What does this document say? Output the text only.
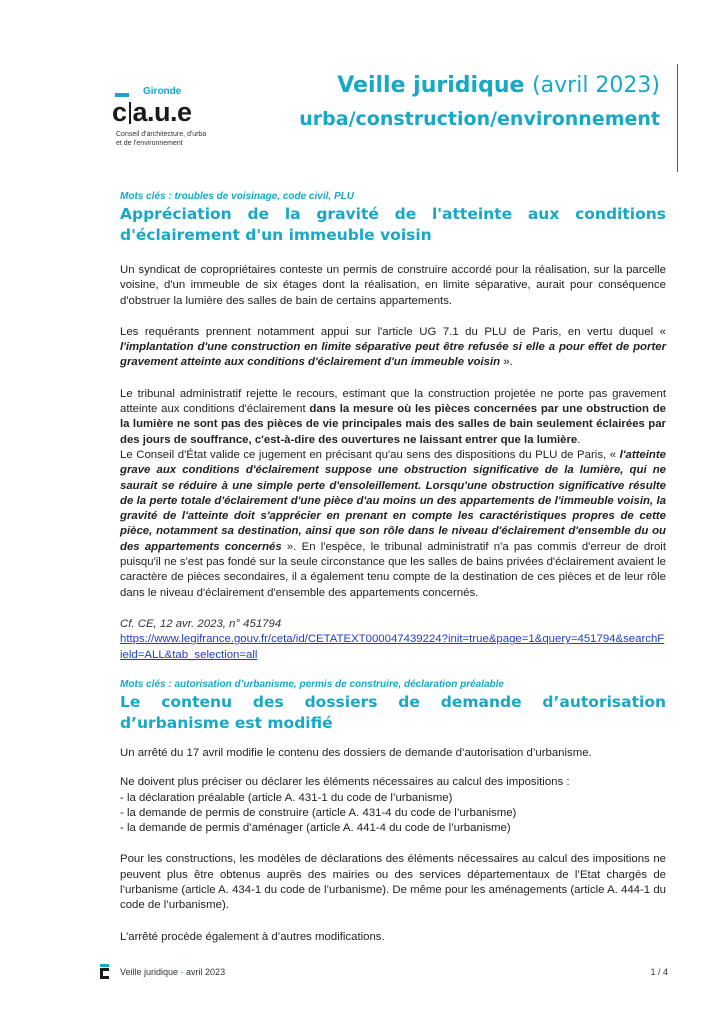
Gironde
c a.u.e
Conseil d'architecture, d'urba
et de l'environnement
Veille juridique (avril 2023)
urba/construction/environnement

Mots clés : troubles de voisinage, code civil, PLU

Appréciation de la gravité de l'atteinte aux conditions d'éclairement d'un immeuble voisin

Un syndicat de copropriétaires conteste un permis de construire accordé pour la réalisation, sur la parcelle voisine, d'un immeuble de six étages dont la réalisation, en limite séparative, aurait pour conséquence d'obstruer la lumière des salles de bain de certains appartements.

Les requérants prennent notamment appui sur l'article UG 7.1 du PLU de Paris, en vertu duquel « l'implantation d'une construction en limite séparative peut être refusée si elle a pour effet de porter gravement atteinte aux conditions d'éclairement d'un immeuble voisin ».

Le tribunal administratif rejette le recours, estimant que la construction projetée ne porte pas gravement atteinte aux conditions d'éclairement dans la mesure où les pièces concernées par une obstruction de la lumière ne sont pas des pièces de vie principales mais des salles de bain seulement éclairées par des jours de souffrance, c'est-à-dire des ouvertures ne laissant entrer que la lumière.

Le Conseil d'État valide ce jugement en précisant qu'au sens des dispositions du PLU de Paris, « l'atteinte grave aux conditions d'éclairement suppose une obstruction significative de la lumière, qui ne saurait se réduire à une simple perte d'ensoleillement. Lorsqu'une obstruction significative résulte de la perte totale d'éclairement d'une pièce d'au moins un des appartements de l'immeuble voisin, la gravité de l'atteinte doit s'apprécier en prenant en compte les caractéristiques propres de cette pièce, notamment sa destination, ainsi que son rôle dans le niveau d'éclairement d'ensemble du ou des appartements concernés ». En l'espèce, le tribunal administratif n'a pas commis d'erreur de droit puisqu'il ne s'est pas fondé sur la seule circonstance que les salles de bains privées d'éclairement avaient le caractère de pièces secondaires, il a également tenu compte de la destination de ces pièces et de leur rôle dans le niveau d'éclairement d'ensemble des appartements concernés.

Cf. CE, 12 avr. 2023, n° 451794

https://www.legifrance.gouv.fr/ceta/id/CETATEXT000047439224?init=true&page=1&query=451794&searchField=ALL&tab_selection=all

Mots clés : autorisation d’urbanisme, permis de construire, déclaration préalable

Le contenu des dossiers de demande d’autorisation d’urbanisme est modifié

Un arrêté du 17 avril modifie le contenu des dossiers de demande d’autorisation d’urbanisme.

Ne doivent plus préciser ou déclarer les éléments nécessaires au calcul des impositions :

- la déclaration préalable (article A. 431-1 du code de l’urbanisme)

- la demande de permis de construire (article A. 431-4 du code de l’urbanisme)

- la demande de permis d’aménager (article A. 441-4 du code de l’urbanisme)

Pour les constructions, les modèles de déclarations des éléments nécessaires au calcul des impositions ne peuvent plus être obtenus auprès des mairies ou des services départementaux de l’Etat chargés de l’urbanisme (article A. 434-1 du code de l’urbanisme). De même pour les aménagements (article A. 444-1 du code de l’urbanisme).

L’arrêté procède également à d’autres modifications.

Veille juridique - avril 2023	1 / 4
